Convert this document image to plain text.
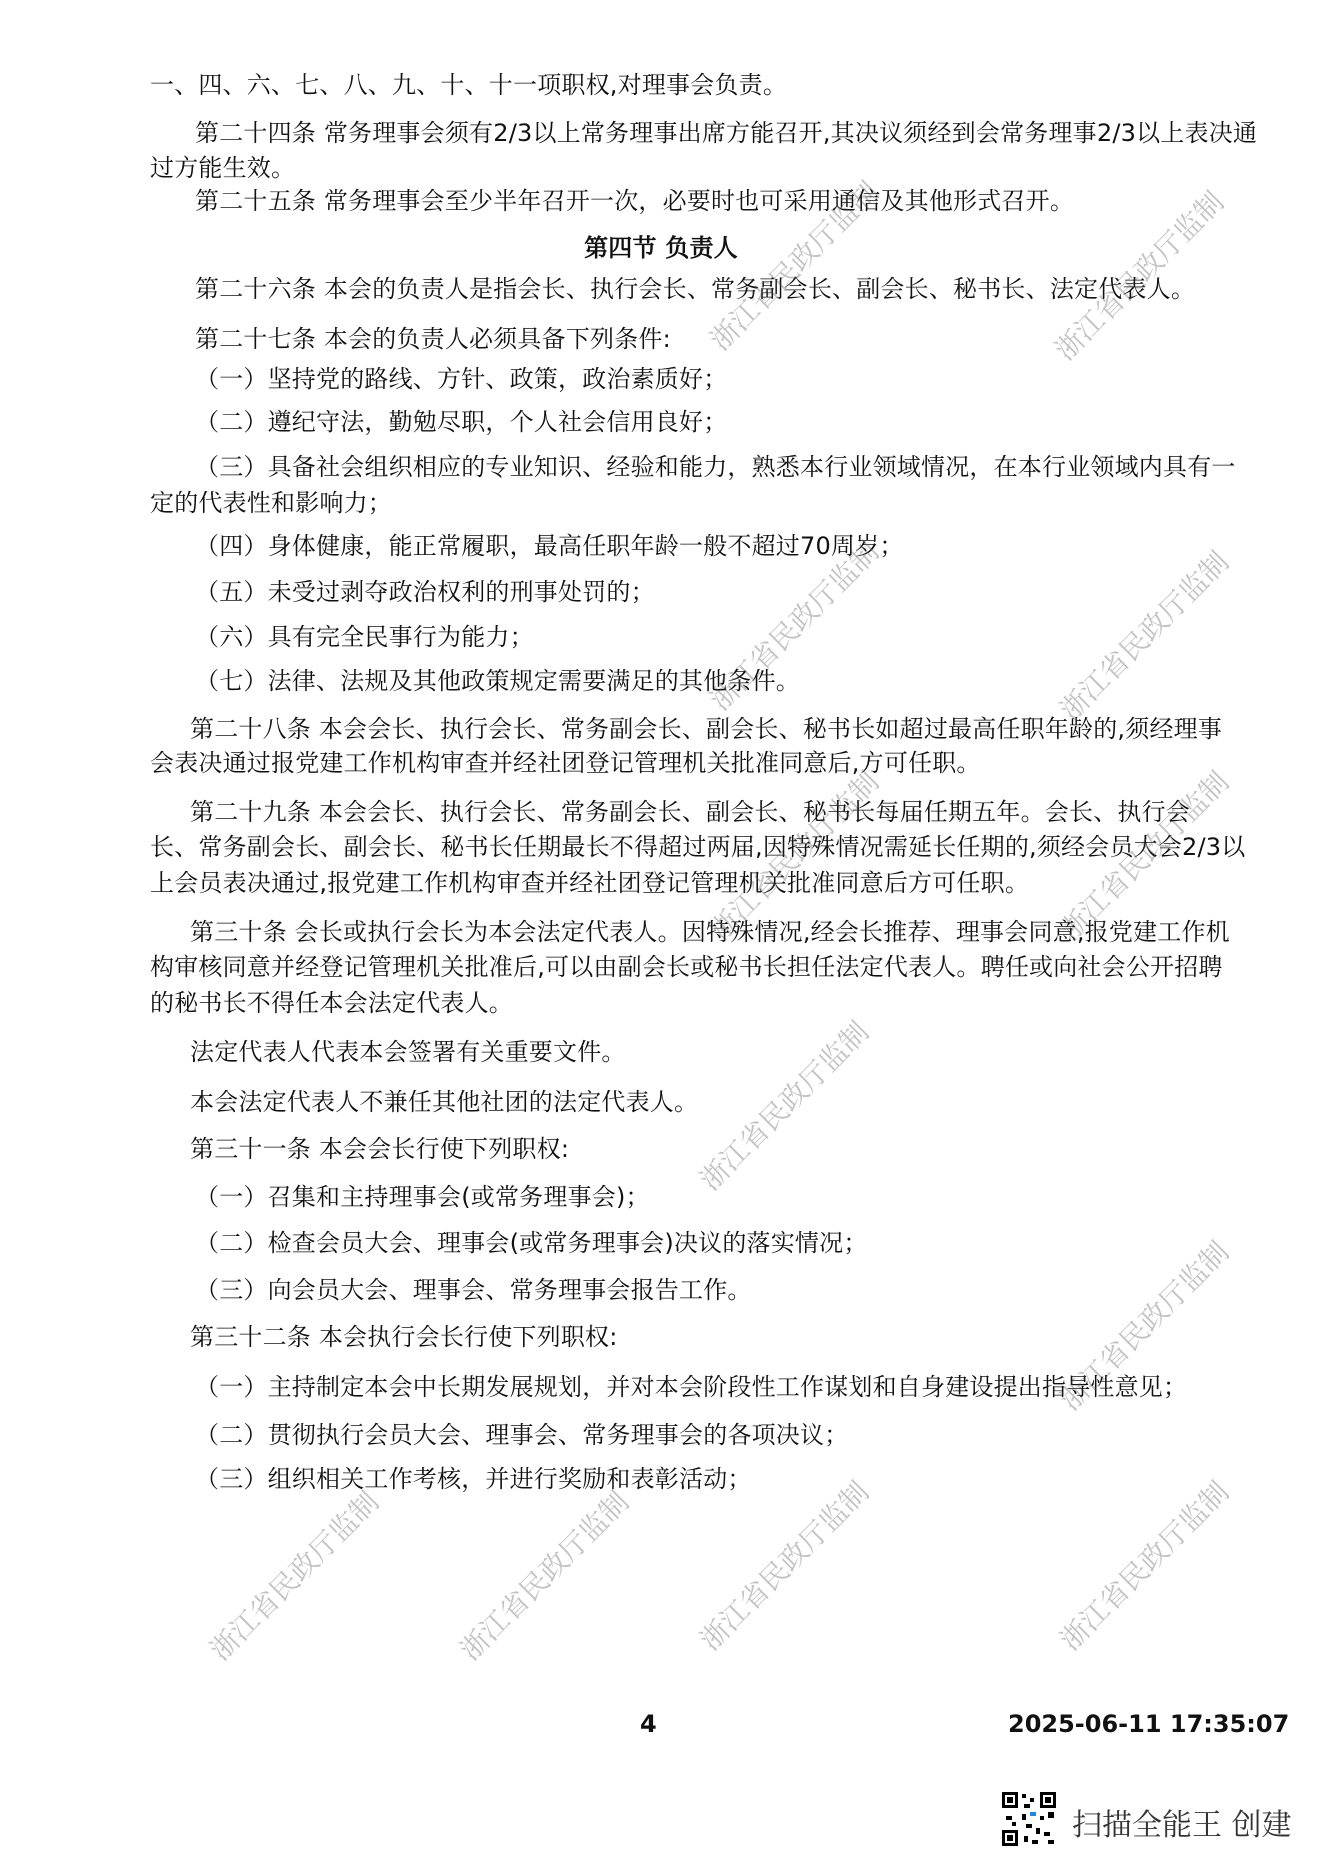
一、四、六、七、八、九、十、十一项职权,对理事会负责。
第二十四条 常务理事会须有2/3以上常务理事出席方能召开,其决议须经到会常务理事2/3以上表决通
过方能生效。
第二十五条 常务理事会至少半年召开一次，必要时也可采用通信及其他形式召开。
第四节 负责人
第二十六条 本会的负责人是指会长、执行会长、常务副会长、副会长、秘书长、法定代表人。
第二十七条 本会的负责人必须具备下列条件:
（一）坚持党的路线、方针、政策，政治素质好；
（二）遵纪守法，勤勉尽职，个人社会信用良好；
（三）具备社会组织相应的专业知识、经验和能力，熟悉本行业领域情况，在本行业领域内具有一
定的代表性和影响力；
（四）身体健康，能正常履职，最高任职年龄一般不超过70周岁；
（五）未受过剥夺政治权利的刑事处罚的；
（六）具有完全民事行为能力；
（七）法律、法规及其他政策规定需要满足的其他条件。
第二十八条 本会会长、执行会长、常务副会长、副会长、秘书长如超过最高任职年龄的,须经理事
会表决通过报党建工作机构审查并经社团登记管理机关批准同意后,方可任职。
第二十九条 本会会长、执行会长、常务副会长、副会长、秘书长每届任期五年。会长、执行会
长、常务副会长、副会长、秘书长任期最长不得超过两届,因特殊情况需延长任期的,须经会员大会2/3以
上会员表决通过,报党建工作机构审查并经社团登记管理机关批准同意后方可任职。
第三十条 会长或执行会长为本会法定代表人。因特殊情况,经会长推荐、理事会同意,报党建工作机
构审核同意并经登记管理机关批准后,可以由副会长或秘书长担任法定代表人。聘任或向社会公开招聘
的秘书长不得任本会法定代表人。
法定代表人代表本会签署有关重要文件。
本会法定代表人不兼任其他社团的法定代表人。
第三十一条 本会会长行使下列职权:
（一）召集和主持理事会(或常务理事会)；
（二）检查会员大会、理事会(或常务理事会)决议的落实情况；
（三）向会员大会、理事会、常务理事会报告工作。
第三十二条 本会执行会长行使下列职权:
（一）主持制定本会中长期发展规划，并对本会阶段性工作谋划和自身建设提出指导性意见；
（二）贯彻执行会员大会、理事会、常务理事会的各项决议；
（三）组织相关工作考核，并进行奖励和表彰活动；
浙江省民政厅监制	浙江省民政厅监制
浙江省民政厅监制	浙江省民政厅监制
浙江省民政厅监制	浙江省民政厅监制
浙江省民政厅监制
浙江省民政厅监制
浙江省民政厅监制
浙江省民政厅监制 浙江省民政厅监制 浙江省民政厅监制
4	2025-06-11 17:35:07
扫描全能王 创建
